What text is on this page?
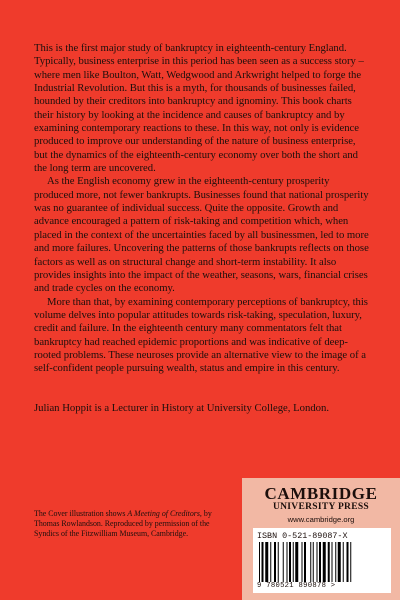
This is the first major study of bankruptcy in eighteenth-century England. Typically, business enterprise in this period has been seen as a success story – where men like Boulton, Watt, Wedgwood and Arkwright helped to forge the Industrial Revolution. But this is a myth, for thousands of businesses failed, hounded by their creditors into bankruptcy and ignominy. This book charts their history by looking at the incidence and causes of bankruptcy and by examining contemporary reactions to these. In this way, not only is evidence produced to improve our understanding of the nature of business enterprise, but the dynamics of the eighteenth-century economy over both the short and the long term are uncovered.

As the English economy grew in the eighteenth-century prosperity produced more, not fewer bankrupts. Businesses found that national prosperity was no guarantee of individual success. Quite the opposite. Growth and advance encouraged a pattern of risk-taking and competition which, when placed in the context of the uncertainties faced by all businessmen, led to more and more failures. Uncovering the patterns of those bankrupts reflects on those factors as well as on structural change and short-term instability. It also provides insights into the impact of the weather, seasons, wars, financial crises and trade cycles on the economy.

More than that, by examining contemporary perceptions of bankruptcy, this volume delves into popular attitudes towards risk-taking, speculation, luxury, credit and failure. In the eighteenth century many commentators felt that bankruptcy had reached epidemic proportions and was indicative of deep-rooted problems. These neuroses provide an alternative view to the image of a self-confident people pursuing wealth, status and empire in this century.

Julian Hoppit is a Lecturer in History at University College, London.
The Cover illustration shows A Meeting of Creditors, by Thomas Rowlandson. Reproduced by permission of the Syndics of the Fitzwilliam Museum, Cambridge.
CAMBRIDGE
UNIVERSITY PRESS
www.cambridge.org
ISBN 0-521-89087-X
9 780521 890878 >
